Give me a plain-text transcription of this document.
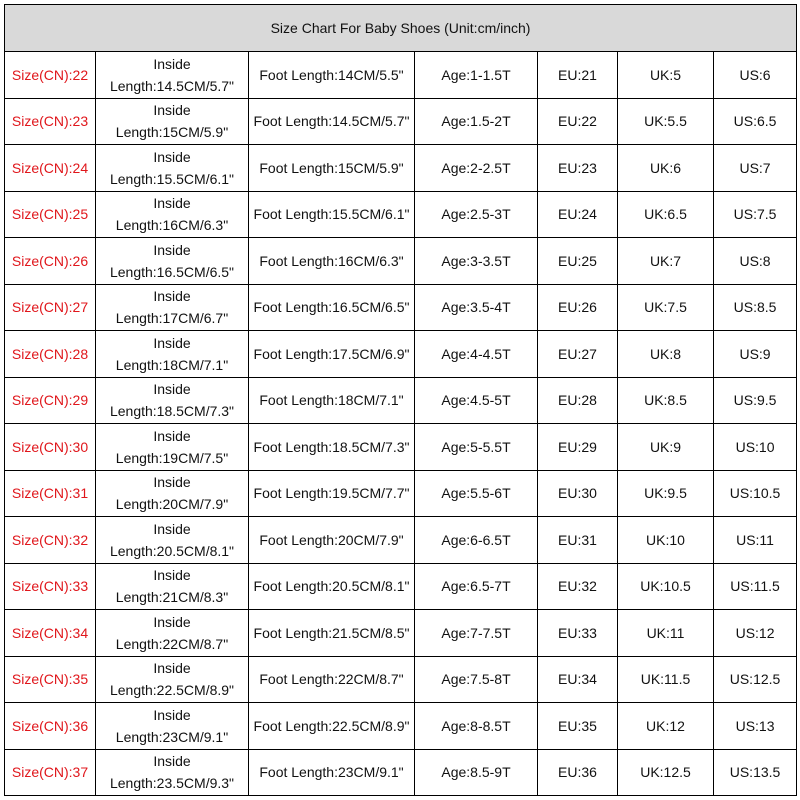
Size Chart For Baby Shoes (Unit:cm/inch)						
Size(CN):22	Inside Length:14.5CM/5.7"	Foot Length:14CM/5.5"	Age:1-1.5T	EU:21	UK:5	US:6
Size(CN):23	Inside Length:15CM/5.9"	Foot Length:14.5CM/5.7"	Age:1.5-2T	EU:22	UK:5.5	US:6.5
Size(CN):24	Inside Length:15.5CM/6.1"	Foot Length:15CM/5.9"	Age:2-2.5T	EU:23	UK:6	US:7
Size(CN):25	Inside Length:16CM/6.3"	Foot Length:15.5CM/6.1"	Age:2.5-3T	EU:24	UK:6.5	US:7.5
Size(CN):26	Inside Length:16.5CM/6.5"	Foot Length:16CM/6.3"	Age:3-3.5T	EU:25	UK:7	US:8
Size(CN):27	Inside Length:17CM/6.7"	Foot Length:16.5CM/6.5"	Age:3.5-4T	EU:26	UK:7.5	US:8.5
Size(CN):28	Inside Length:18CM/7.1"	Foot Length:17.5CM/6.9"	Age:4-4.5T	EU:27	UK:8	US:9
Size(CN):29	Inside Length:18.5CM/7.3"	Foot Length:18CM/7.1"	Age:4.5-5T	EU:28	UK:8.5	US:9.5
Size(CN):30	Inside Length:19CM/7.5"	Foot Length:18.5CM/7.3"	Age:5-5.5T	EU:29	UK:9	US:10
Size(CN):31	Inside Length:20CM/7.9"	Foot Length:19.5CM/7.7"	Age:5.5-6T	EU:30	UK:9.5	US:10.5
Size(CN):32	Inside Length:20.5CM/8.1"	Foot Length:20CM/7.9"	Age:6-6.5T	EU:31	UK:10	US:11
Size(CN):33	Inside Length:21CM/8.3"	Foot Length:20.5CM/8.1"	Age:6.5-7T	EU:32	UK:10.5	US:11.5
Size(CN):34	Inside Length:22CM/8.7"	Foot Length:21.5CM/8.5"	Age:7-7.5T	EU:33	UK:11	US:12
Size(CN):35	Inside Length:22.5CM/8.9"	Foot Length:22CM/8.7"	Age:7.5-8T	EU:34	UK:11.5	US:12.5
Size(CN):36	Inside Length:23CM/9.1"	Foot Length:22.5CM/8.9"	Age:8-8.5T	EU:35	UK:12	US:13
Size(CN):37	Inside Length:23.5CM/9.3"	Foot Length:23CM/9.1"	Age:8.5-9T	EU:36	UK:12.5	US:13.5
